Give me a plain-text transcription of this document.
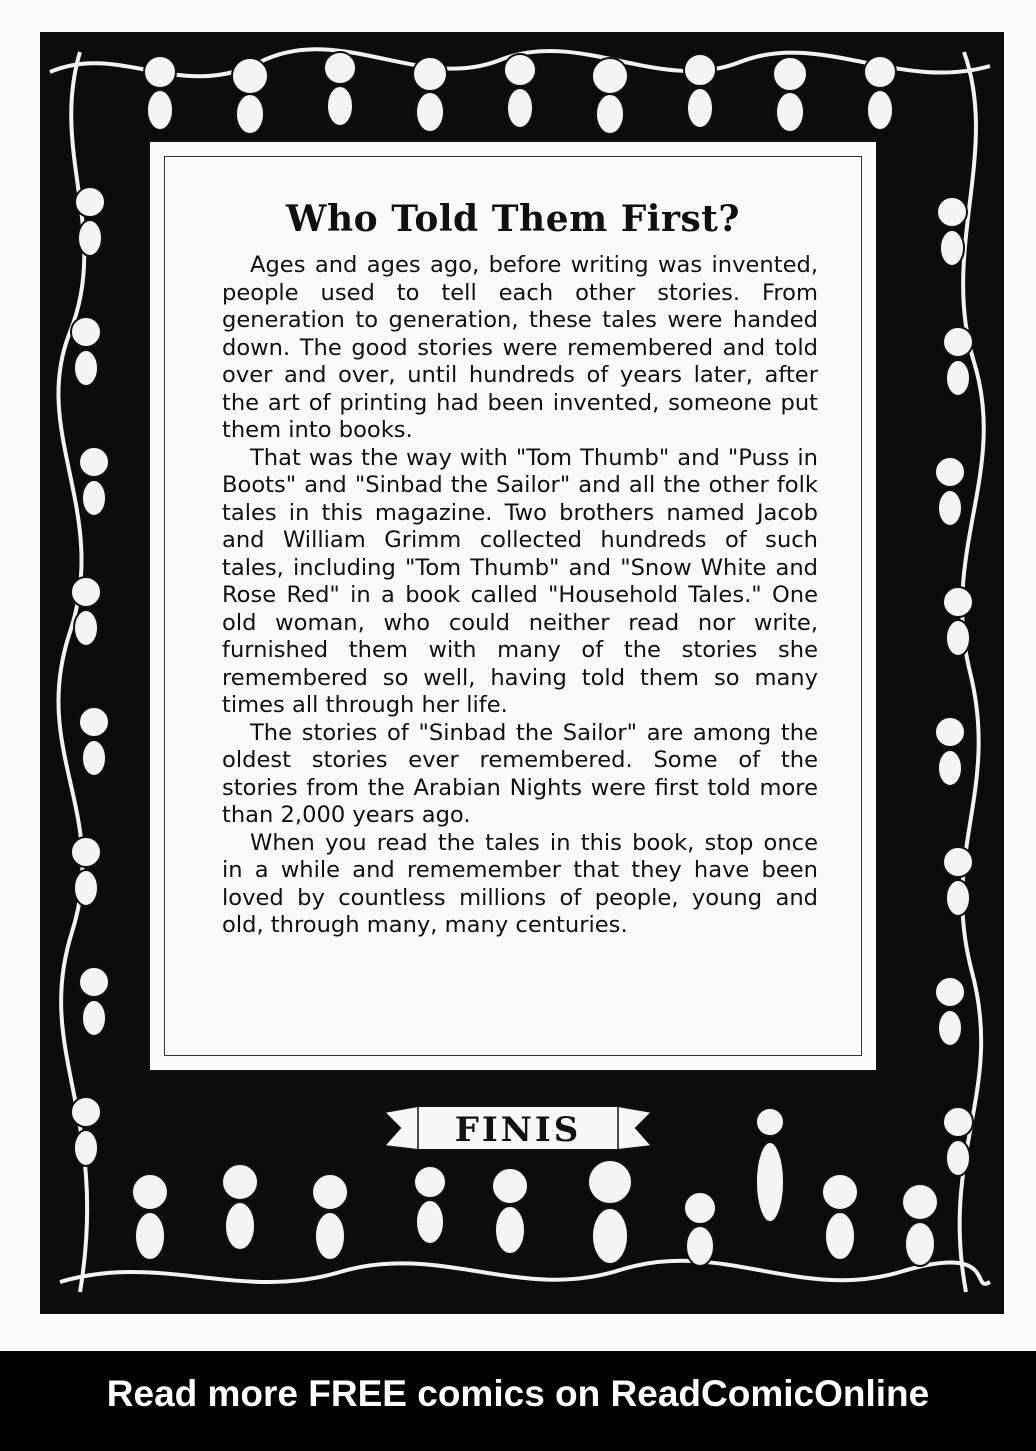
Who Told Them First?

Ages and ages ago, before writing was invented, people used to tell each other stories. From generation to generation, these tales were handed down. The good stories were remembered and told over and over, until hundreds of years later, after the art of printing had been invented, someone put them into books.

That was the way with "Tom Thumb" and "Puss in Boots" and "Sinbad the Sailor" and all the other folk tales in this magazine. Two brothers named Jacob and William Grimm collected hundreds of such tales, including "Tom Thumb" and "Snow White and Rose Red" in a book called "Household Tales." One old woman, who could neither read nor write, furnished them with many of the stories she remembered so well, having told them so many times all through her life.

The stories of "Sinbad the Sailor" are among the oldest stories ever remembered. Some of the stories from the Arabian Nights were first told more than 2,000 years ago.

When you read the tales in this book, stop once in a while and rememember that they have been loved by countless millions of people, young and old, through many, many centuries.

FINIS
Read more FREE comics on ReadComicOnline
